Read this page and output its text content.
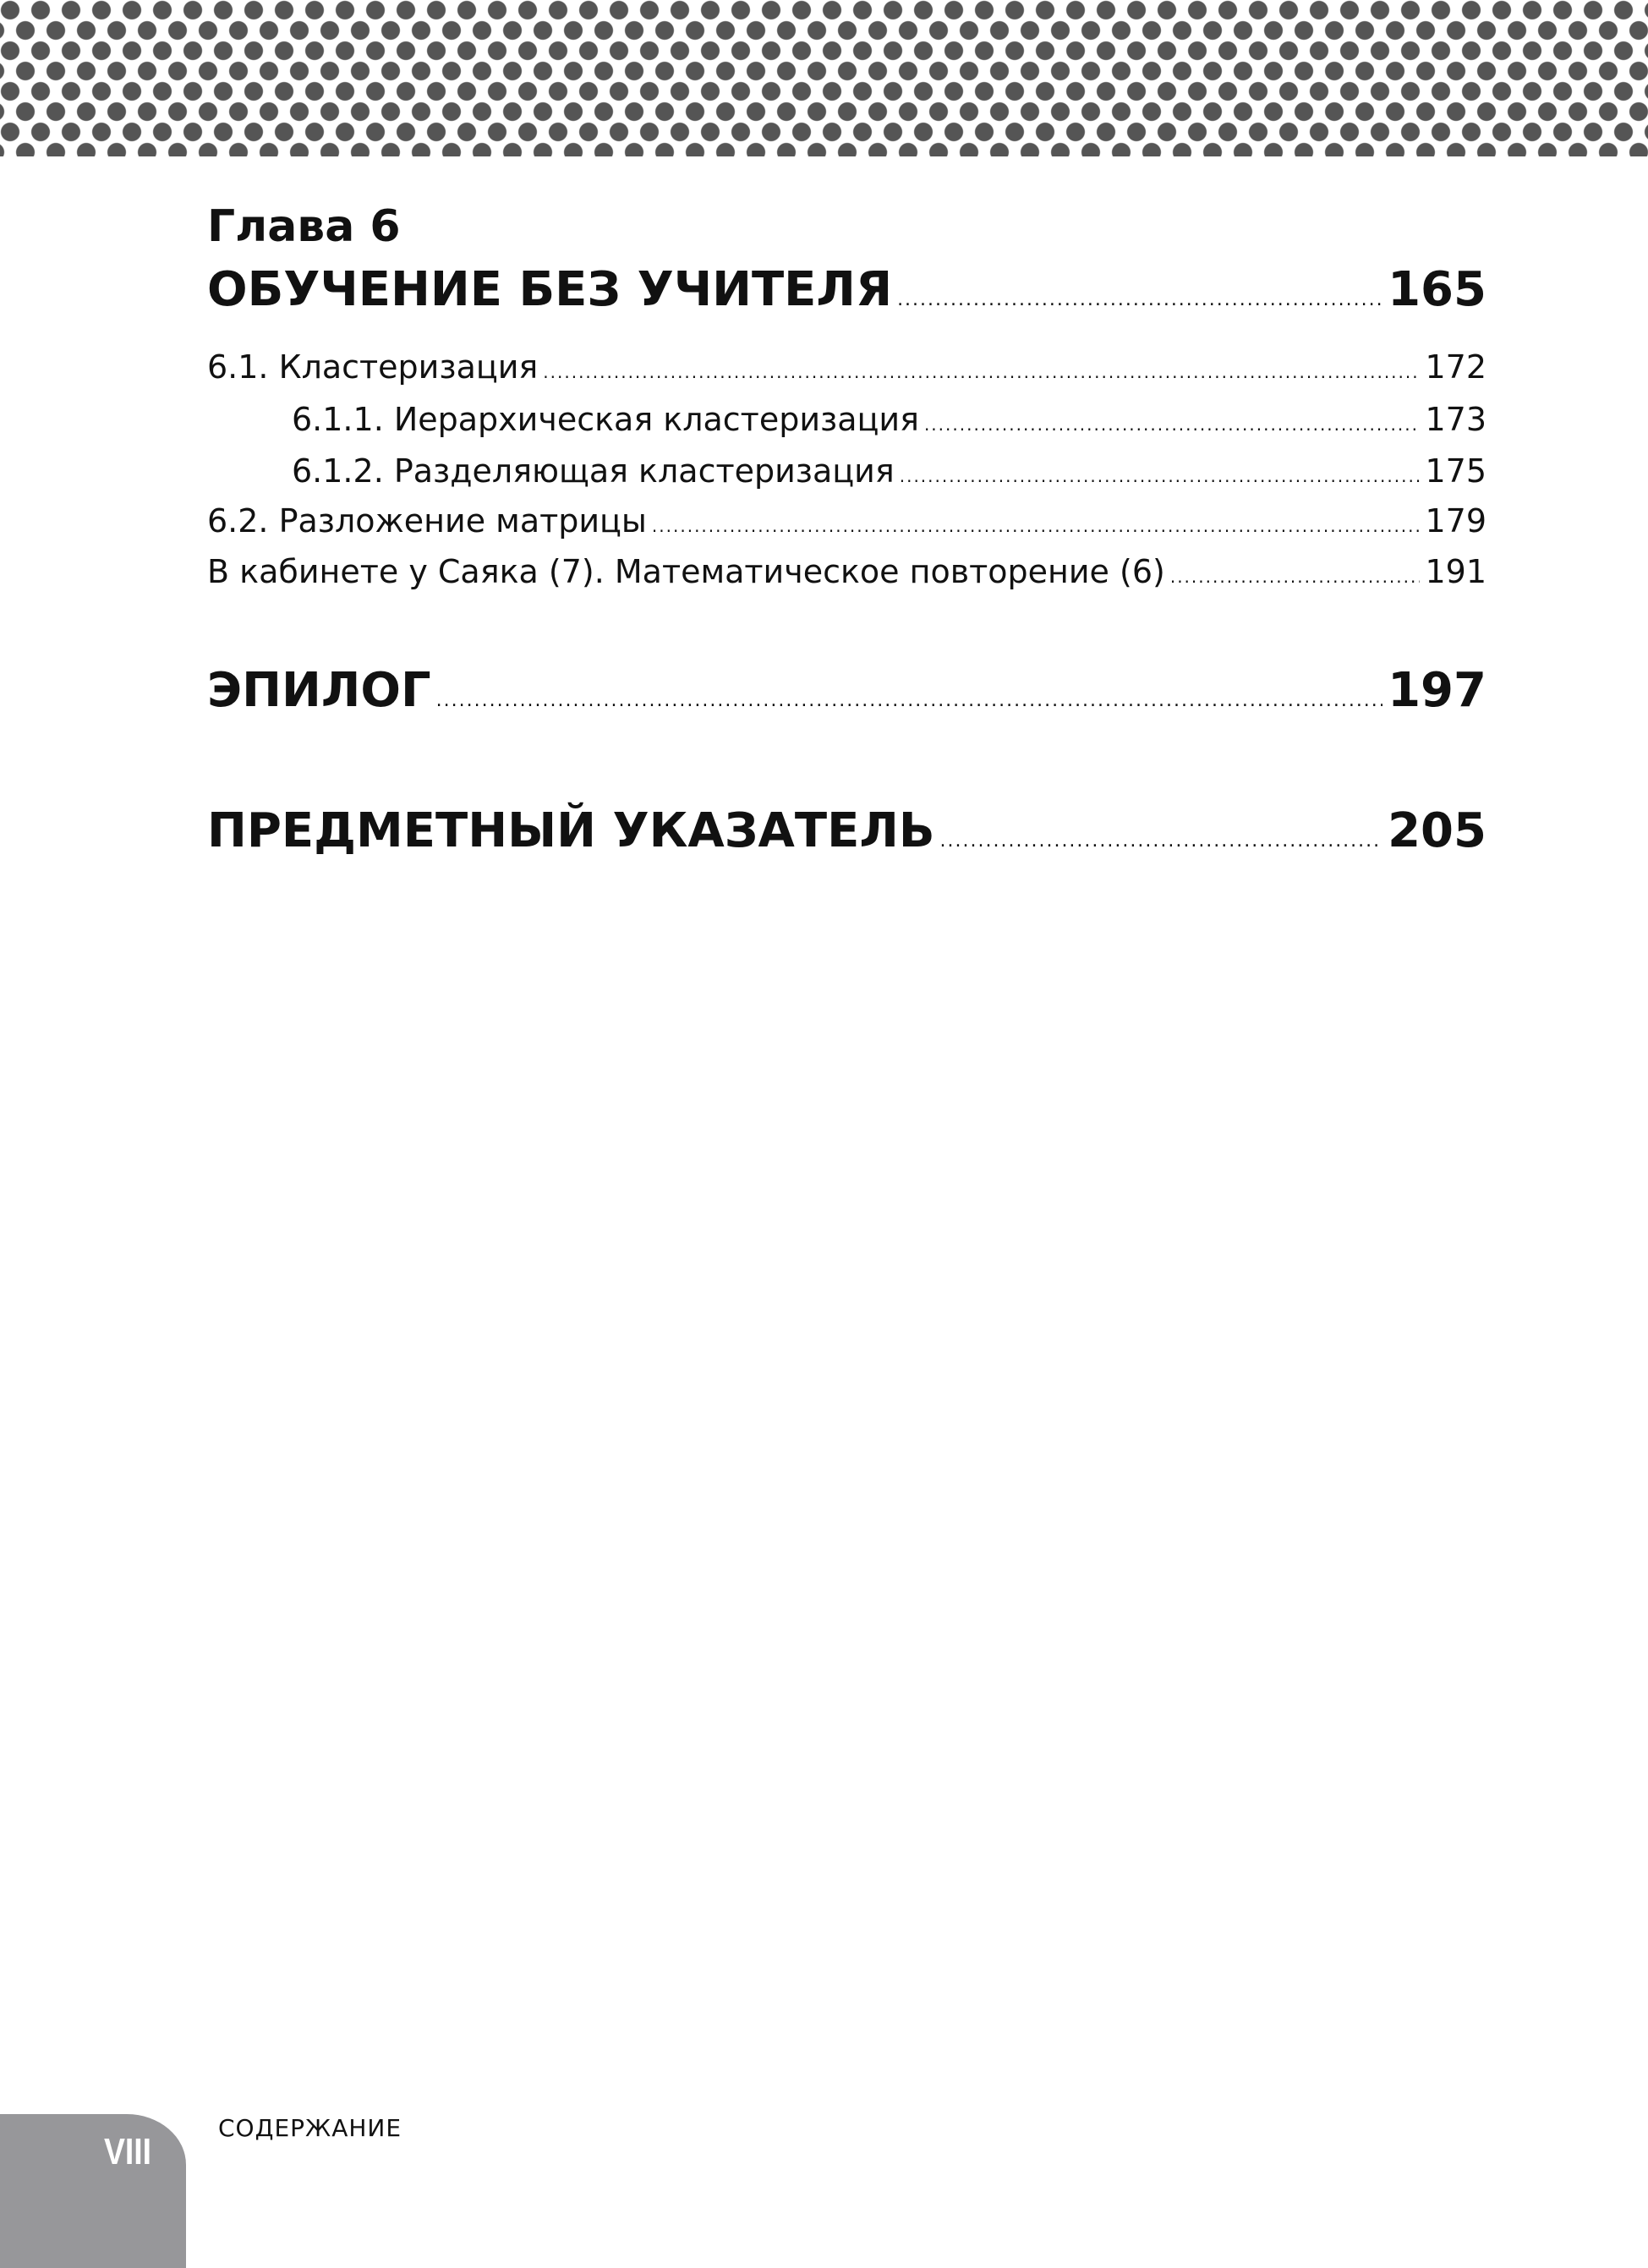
Глава 6
ОБУЧЕНИЕ БЕЗ УЧИТЕЛЯ .....	165
6.1. Кластеризация .....	172
6.1.1. Иерархическая кластеризация .....	173
6.1.2. Разделяющая кластеризация .....	175
6.2. Разложение матрицы .....	179
В кабинете у Саяка (7). Математическое повторение (6) .....	191
ЭПИЛОГ .....	197
ПРЕДМЕТНЫЙ УКАЗАТЕЛЬ .....	205
VIII
СОДЕРЖАНИЕ
